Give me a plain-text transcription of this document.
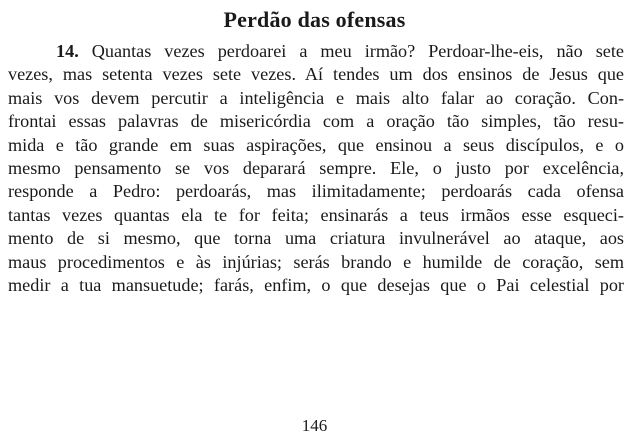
Perdão das ofensas
14. Quantas vezes perdoarei a meu irmão? Perdoar-lhe-eis, não sete
vezes, mas setenta vezes sete vezes. Aí tendes um dos ensinos de Jesus que
mais vos devem percutir a inteligência e mais alto falar ao coração. Con-
frontai essas palavras de misericórdia com a oração tão simples, tão resu-
mida e tão grande em suas aspirações, que ensinou a seus discípulos, e o
mesmo pensamento se vos deparará sempre. Ele, o justo por excelência,
responde a Pedro: perdoarás, mas ilimitadamente; perdoarás cada ofensa
tantas vezes quantas ela te for feita; ensinarás a teus irmãos esse esqueci-
mento de si mesmo, que torna uma criatura invulnerável ao ataque, aos
maus procedimentos e às injúrias; serás brando e humilde de coração, sem
medir a tua mansuetude; farás, enfim, o que desejas que o Pai celestial por
146
